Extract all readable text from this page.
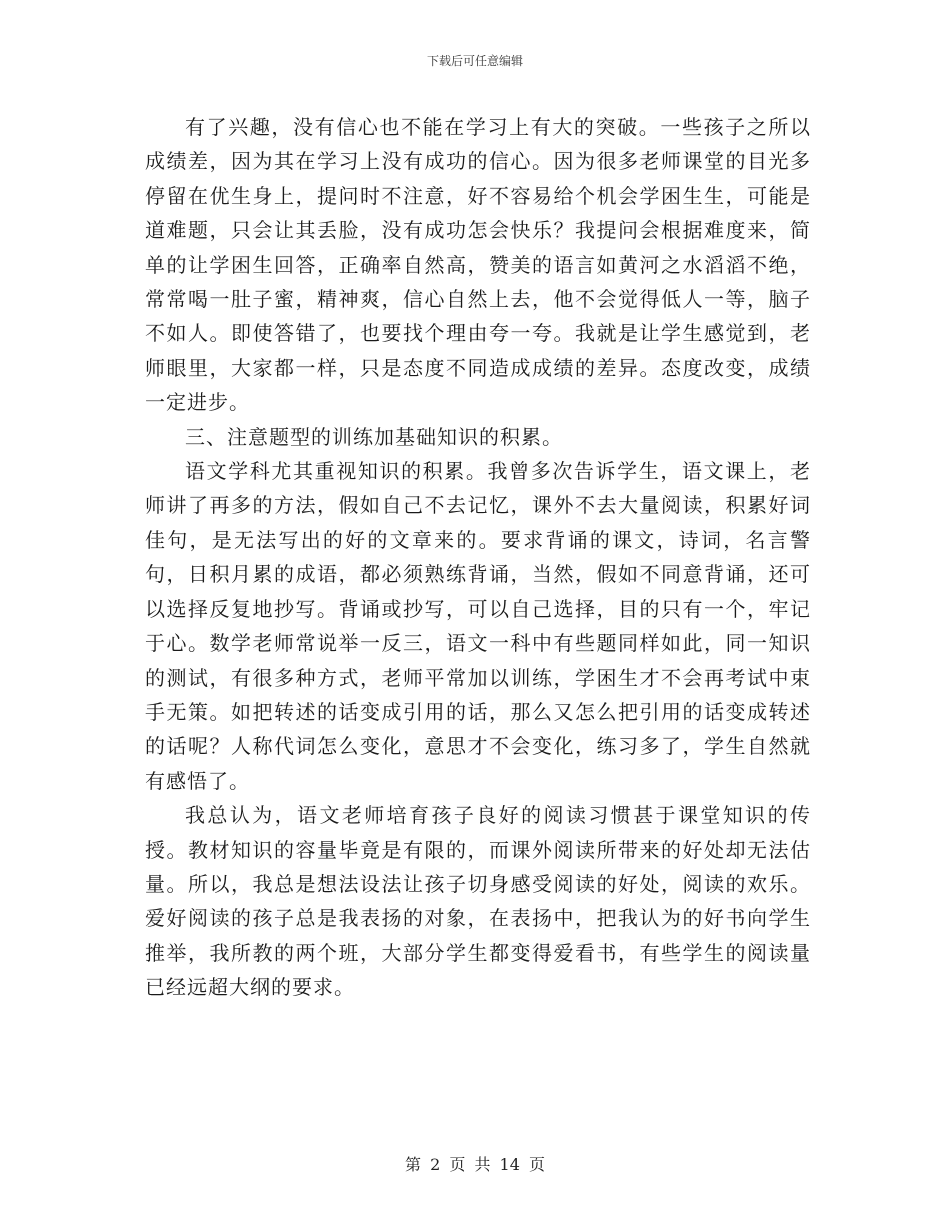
下载后可任意编辑

有了兴趣，没有信心也不能在学习上有大的突破。一些孩子之所以成绩差，因为其在学习上没有成功的信心。因为很多老师课堂的目光多停留在优生身上，提问时不注意，好不容易给个机会学困生生，可能是道难题，只会让其丢脸，没有成功怎会快乐？我提问会根据难度来，简单的让学困生回答，正确率自然高，赞美的语言如黄河之水滔滔不绝，常常喝一肚子蜜，精神爽，信心自然上去，他不会觉得低人一等，脑子不如人。即使答错了，也要找个理由夸一夸。我就是让学生感觉到，老师眼里，大家都一样，只是态度不同造成成绩的差异。态度改变，成绩一定进步。

三、注意题型的训练加基础知识的积累。

语文学科尤其重视知识的积累。我曾多次告诉学生，语文课上，老师讲了再多的方法，假如自己不去记忆，课外不去大量阅读，积累好词佳句，是无法写出的好的文章来的。要求背诵的课文，诗词，名言警句，日积月累的成语，都必须熟练背诵，当然，假如不同意背诵，还可以选择反复地抄写。背诵或抄写，可以自己选择，目的只有一个，牢记于心。数学老师常说举一反三，语文一科中有些题同样如此，同一知识的测试，有很多种方式，老师平常加以训练，学困生才不会再考试中束手无策。如把转述的话变成引用的话，那么又怎么把引用的话变成转述的话呢？人称代词怎么变化，意思才不会变化，练习多了，学生自然就有感悟了。

我总认为，语文老师培育孩子良好的阅读习惯甚于课堂知识的传授。教材知识的容量毕竟是有限的，而课外阅读所带来的好处却无法估量。所以，我总是想法设法让孩子切身感受阅读的好处，阅读的欢乐。爱好阅读的孩子总是我表扬的对象，在表扬中，把我认为的好书向学生推举，我所教的两个班，大部分学生都变得爱看书，有些学生的阅读量已经远超大纲的要求。

第 2 页 共 14 页
